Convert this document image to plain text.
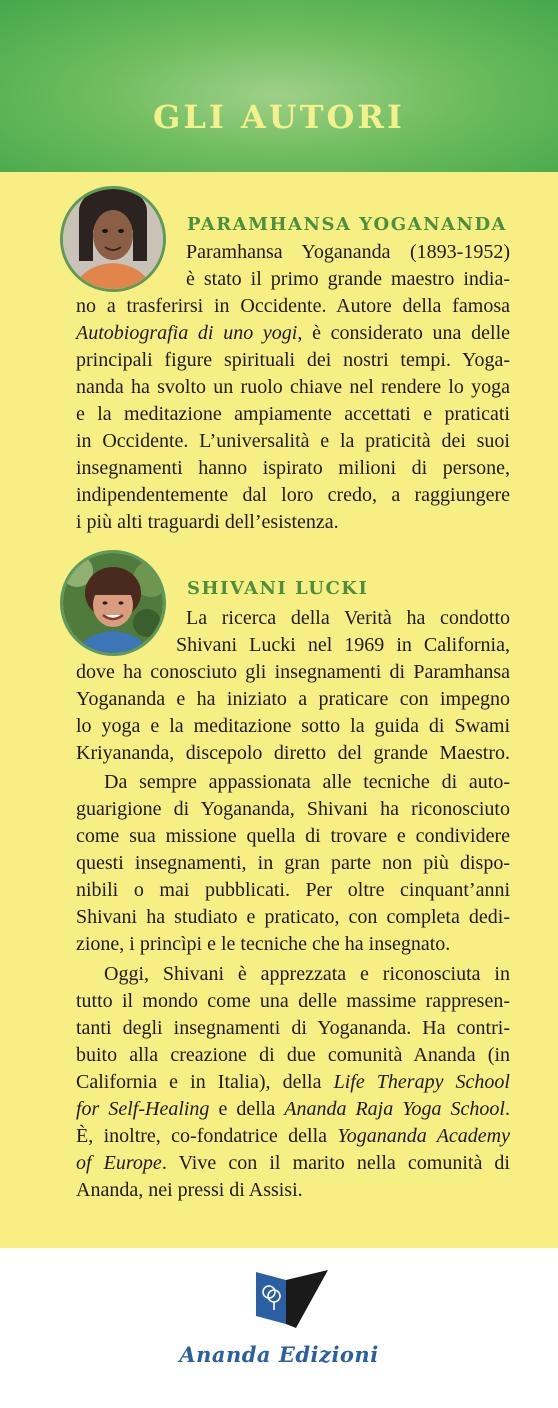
GLI AUTORI
PARAMHANSA YOGANANDA
Paramhansa Yogananda (1893-1952)
è stato il primo grande maestro india-
no a trasferirsi in Occidente. Autore della famosa
Autobiografia di uno yogi, è considerato una delle
principali figure spirituali dei nostri tempi. Yoga-
nanda ha svolto un ruolo chiave nel rendere lo yoga
e la meditazione ampiamente accettati e praticati
in Occidente. L’universalità e la praticità dei suoi
insegnamenti hanno ispirato milioni di persone,
indipendentemente dal loro credo, a raggiungere
i più alti traguardi dell’esistenza.
SHIVANI LUCKI
La ricerca della Verità ha condotto
Shivani Lucki nel 1969 in California,
dove ha conosciuto gli insegnamenti di Paramhansa
Yogananda e ha iniziato a praticare con impegno
lo yoga e la meditazione sotto la guida di Swami
Kriyananda, discepolo diretto del grande Maestro.
Da sempre appassionata alle tecniche di auto-
guarigione di Yogananda, Shivani ha riconosciuto
come sua missione quella di trovare e condividere
questi insegnamenti, in gran parte non più dispo-
nibili o mai pubblicati. Per oltre cinquant’anni
Shivani ha studiato e praticato, con completa dedi-
zione, i princìpi e le tecniche che ha insegnato.
Oggi, Shivani è apprezzata e riconosciuta in
tutto il mondo come una delle massime rappresen-
tanti degli insegnamenti di Yogananda. Ha contri-
buito alla creazione di due comunità Ananda (in
California e in Italia), della Life Therapy School
for Self-Healing e della Ananda Raja Yoga School.
È, inoltre, co-fondatrice della Yogananda Academy
of Europe. Vive con il marito nella comunità di
Ananda, nei pressi di Assisi.
Ananda Edizioni
